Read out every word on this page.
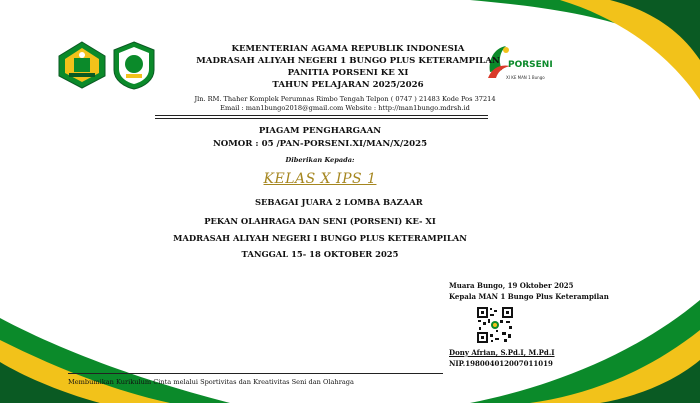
PORSENI
XI KE MAN 1 Bungo
KEMENTERIAN AGAMA REPUBLIK INDONESIA
MADRASAH ALIYAH NEGERI 1 BUNGO PLUS KETERAMPILAN
PANITIA PORSENI KE XI
TAHUN PELAJARAN 2025/2026
Jln. RM. Thaher Komplek Perumnas Rimbo Tengah Telpon ( 0747 ) 21483 Kode Pos 37214
Email : man1bungo2018@gmail.com Website : http://man1bungo.mdrsh.id
PIAGAM PENGHARGAAN
NOMOR : 05 /PAN-PORSENI.XI/MAN/X/2025
Diberikan Kepada:
KELAS X IPS 1
SEBAGAI JUARA 2 LOMBA BAZAAR
PEKAN OLAHRAGA DAN SENI (PORSENI) KE- XI
MADRASAH ALIYAH NEGERI I BUNGO PLUS KETERAMPILAN
TANGGAL 15- 18 OKTOBER 2025
Muara Bungo, 19 Oktober 2025
Kepala MAN 1 Bungo Plus Keterampilan
Dony Afrian, S.Pd.I, M.Pd.I
NIP.198004012007011019
Membumikan Kurikulum Cinta melalui Sportivitas dan Kreativitas Seni dan Olahraga
